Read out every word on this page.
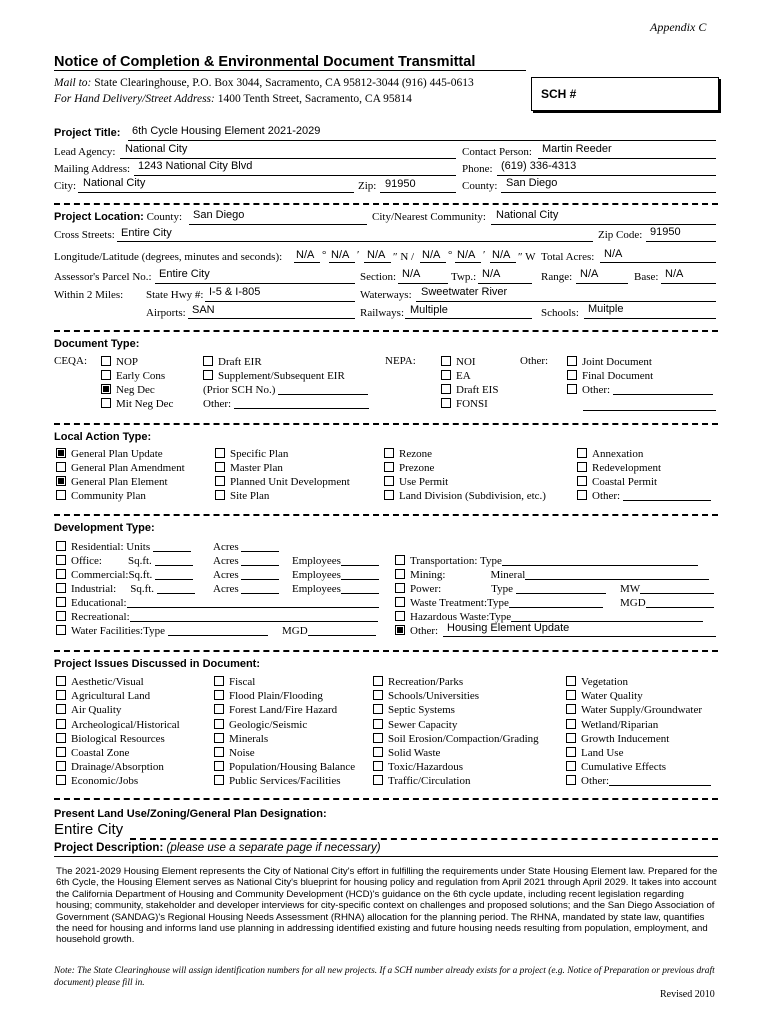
Appendix C
Notice of Completion & Environmental Document Transmittal
Mail to: State Clearinghouse, P.O. Box 3044, Sacramento, CA 95812-3044 (916) 445-0613
For Hand Delivery/Street Address: 1400 Tenth Street, Sacramento, CA 95814	SCH #
Project Title: 6th Cycle Housing Element 2021-2029
Lead Agency: National City	Contact Person: Martin Reeder
Mailing Address: 1243 National City Blvd	Phone: (619) 336-4313
City: National City	Zip: 91950	County: San Diego
Project Location: County: San Diego	City/Nearest Community: National City
Cross Streets: Entire City	Zip Code: 91950
Longitude/Latitude (degrees, minutes and seconds): N/A ° N/A ′ N/A ″ N / N/A ° N/A ′ N/A ″ W Total Acres: N/A
Assessor's Parcel No.: Entire City	Section: N/A	Twp.: N/A	Range: N/A	Base: N/A
Within 2 Miles: State Hwy #: I-5 & I-805	Waterways: Sweetwater River
Airports: SAN	Railways: Multiple	Schools: Muitple
Document Type:
CEQA:	NOP
Early Cons
Neg Dec
Mit Neg Dec
Draft EIR
Supplement/Subsequent EIR
(Prior SCH No.)
Other:
NEPA:	NOI
EA
Draft EIS
FONSI
Other:	Joint Document
Final Document
Other:
Local Action Type:
General Plan Update
General Plan Amendment
General Plan Element
Community Plan
Specific Plan
Master Plan
Planned Unit Development
Site Plan
Rezone
Prezone
Use Permit
Land Division (Subdivision, etc.)
Annexation
Redevelopment
Coastal Permit
Other:
Development Type:
Residential: Units	Acres
Office: Sq.ft.	Acres	Employees
Commercial:Sq.ft.	Acres	Employees
Industrial: Sq.ft.	Acres	Employees
Educational:
Recreational:
Water Facilities:Type	MGD
Transportation: Type
Mining:	Mineral
Power:	Type	MW
Waste Treatment:Type	MGD
Hazardous Waste:Type
Other: Housing Element Update
Project Issues Discussed in Document:
Aesthetic/Visual
Agricultural Land
Air Quality
Archeological/Historical
Biological Resources
Coastal Zone
Drainage/Absorption
Economic/Jobs
Fiscal
Flood Plain/Flooding
Forest Land/Fire Hazard
Geologic/Seismic
Minerals
Noise
Population/Housing Balance
Public Services/Facilities
Recreation/Parks
Schools/Universities
Septic Systems
Sewer Capacity
Soil Erosion/Compaction/Grading
Solid Waste
Toxic/Hazardous
Traffic/Circulation
Vegetation
Water Quality
Water Supply/Groundwater
Wetland/Riparian
Growth Inducement
Land Use
Cumulative Effects
Other:
Present Land Use/Zoning/General Plan Designation:
Entire City
Project Description: (please use a separate page if necessary)
The 2021-2029 Housing Element represents the City of National City's effort in fulfilling the requirements under State Housing Element law. Prepared for the 6th Cycle, the Housing Element serves as National City's blueprint for housing policy and regulation from April 2021 through April 2029. It takes into account the California Department of Housing and Community Development (HCD)'s guidance on the 6th cycle update, including recent legislation regarding housing; community, stakeholder and developer interviews for city-specific context on challenges and proposed solutions; and the San Diego Association of Government (SANDAG)'s Regional Housing Needs Assessment (RHNA) allocation for the planning period. The RHNA, mandated by state law, quantifies the need for housing and informs land use planning in addressing identified existing and future housing needs resulting from population, employment, and household growth.
Note: The State Clearinghouse will assign identification numbers for all new projects. If a SCH number already exists for a project (e.g. Notice of Preparation or previous draft document) please fill in.
Revised 2010
